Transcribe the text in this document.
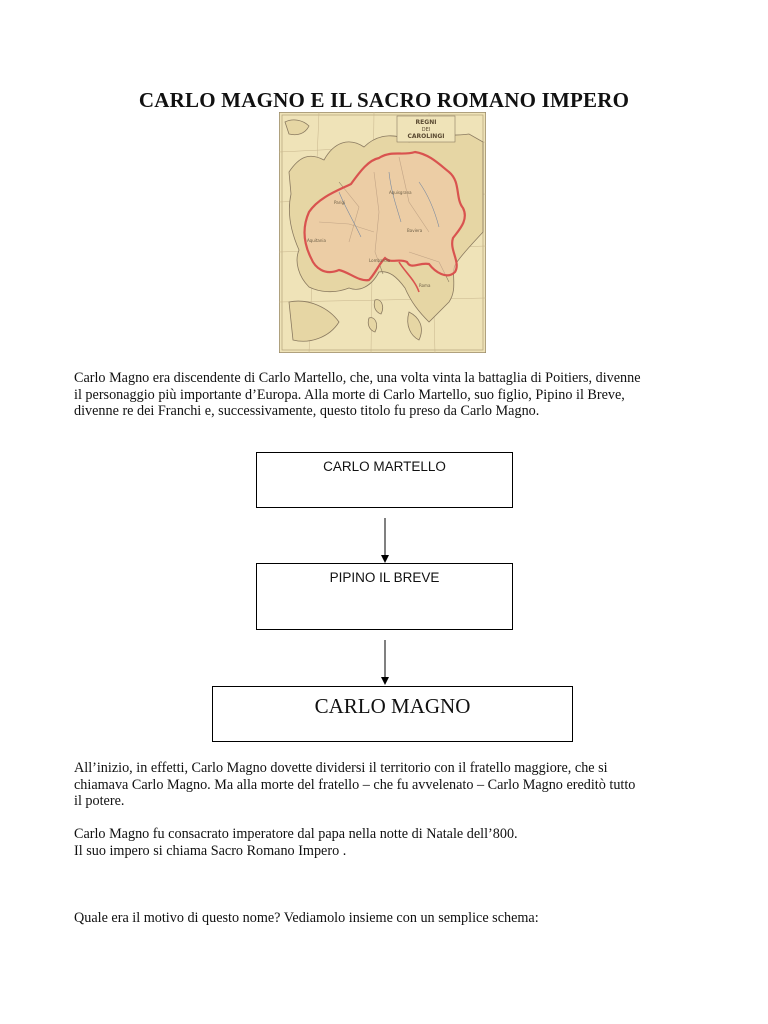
CARLO MAGNO E IL SACRO ROMANO IMPERO
Parigi
Aquisgrana
Baviera
Lombardia
Aquitania
Roma
REGNI
DEI
CAROLINGI
Carlo Magno era discendente di Carlo Martello, che, una volta vinta la battaglia di Poitiers, divenne
il personaggio più importante d’Europa. Alla morte di Carlo Martello, suo figlio, Pipino il Breve,
divenne re dei Franchi e, successivamente, questo titolo fu preso da Carlo Magno.
CARLO MARTELLO
PIPINO IL BREVE
CARLO MAGNO
All’inizio, in effetti, Carlo Magno dovette dividersi il territorio con il fratello maggiore, che si
chiamava Carlo Magno. Ma alla morte del fratello – che fu avvelenato – Carlo Magno ereditò tutto
il potere.
Carlo Magno fu consacrato imperatore dal papa nella notte di Natale dell’800.
Il suo impero si chiama Sacro Romano Impero .
Quale era il motivo di questo nome? Vediamolo insieme con un semplice schema:
